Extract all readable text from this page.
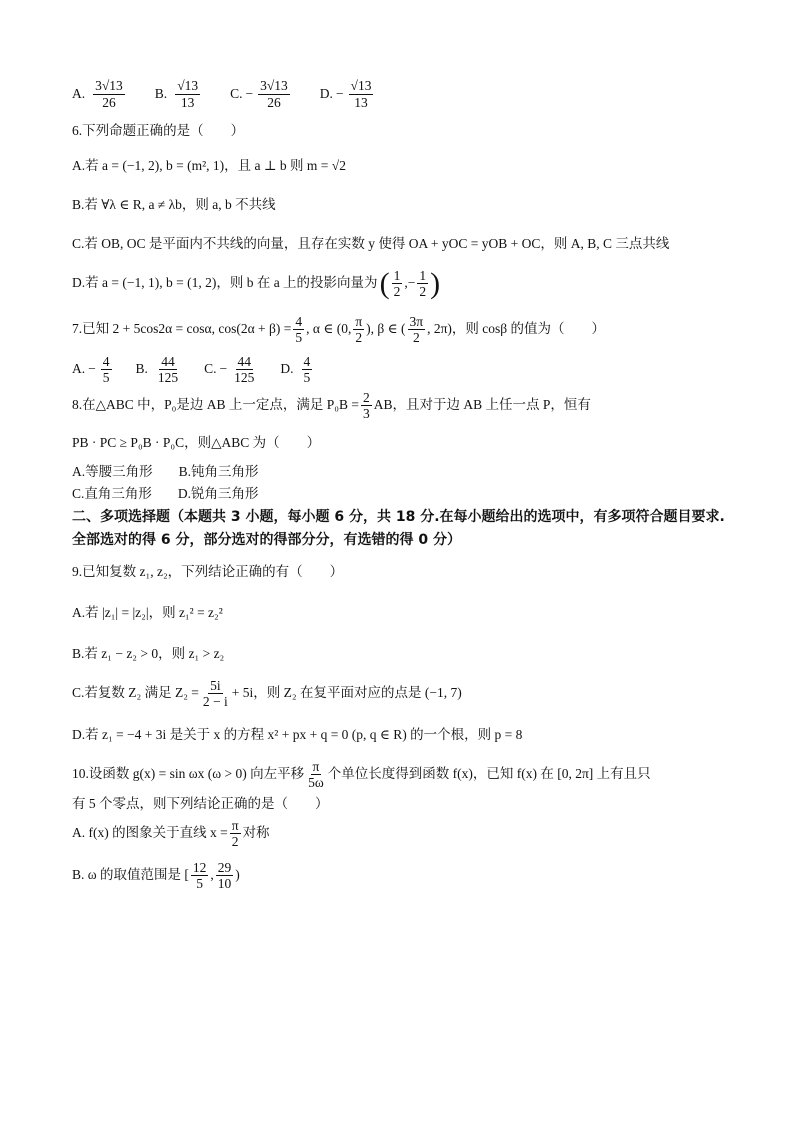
A. $\frac{3√13}{26} B$. $\frac{√13}{13} C$. − $\frac{3√13}{26} D$. − $\frac{√13}{13}$

6.下列命题正确的是（　　）

A.若 a = (−1, 2), b = (m², 1)，且 a ⊥ b 则 m = √2

B.若 ∀λ ∈ R, a ≠ λb，则 a, b 不共线

C.若 OB, OC 是平面内不共线的向量，且存在实数 y 使得 OA + yOC = yOB + OC，则 A, B, C 三点共线

D.若 a = (−1, 1), b = (1, 2)，则 b 在 a 上的投影向量为 ( $\frac{1}{2}$ , − $\frac{1}{2}$ )
7.已知 2 + 5cos2α = cosα, $\cos(2\alpha + \beta) = \frac{4}{5}$ , α ∈ (0, $\frac{\pi}{2}$ ), β ∈ ( $\frac{3\pi}{2}$ , 2π)，则 cosβ 的值为（　　）
A. − $\frac{4}{5} B$. $\frac{44}{125} C$. − $\frac{44}{125} D$. $\frac{4}{5}$
8.在△ABC 中，P₀是边 AB 上一定点，满足 $P_0B = \frac{2}{3}$ AB，且对于边 AB 上任一点 P，恒有

PB · PC ≥ P₀B · P₀C，则△ABC 为（　　）

A.等腰三角形 B.钝角三角形
C.直角三角形 D.锐角三角形

二、多项选择题（本题共 3 小题，每小题 6 分，共 18 分.在每小题给出的选项中，有多项符合题目要求.全部选对的得 6 分，部分选对的得部分分，有选错的得 0 分）

9.已知复数 z₁, z₂，下列结论正确的有（　　）

A.若 |z₁| = |z₂|，则 z₁² = z₂²

B.若 z₁ − z₂ > 0，则 z₁ > z₂

C.若复数 Z₂ 满足 $Z_2 = \frac{5i}{2 - i} + 5i$，则 Z₂ 在复平面对应的点是 (−1, 7)

D.若 z₁ = −4 + 3i 是关于 x 的方程 x² + px + q = 0 (p, q ∈ R) 的一个根，则 p = 8

10.设函数 g(x) = sin ωx (ω > 0) 向左平移 $\frac{\pi}{5\omega}$ 个单位长度得到函数 f(x)，已知 f(x) 在 [0, 2π] 上有且只

有 5 个零点，则下列结论正确的是（　　）

A. f(x) 的图象关于直线 $x = \frac{\pi}{2}$ 对称
B. ω 的取值范围是 [ $\frac{12}{5}$ , $\frac{29}{10}$ )
